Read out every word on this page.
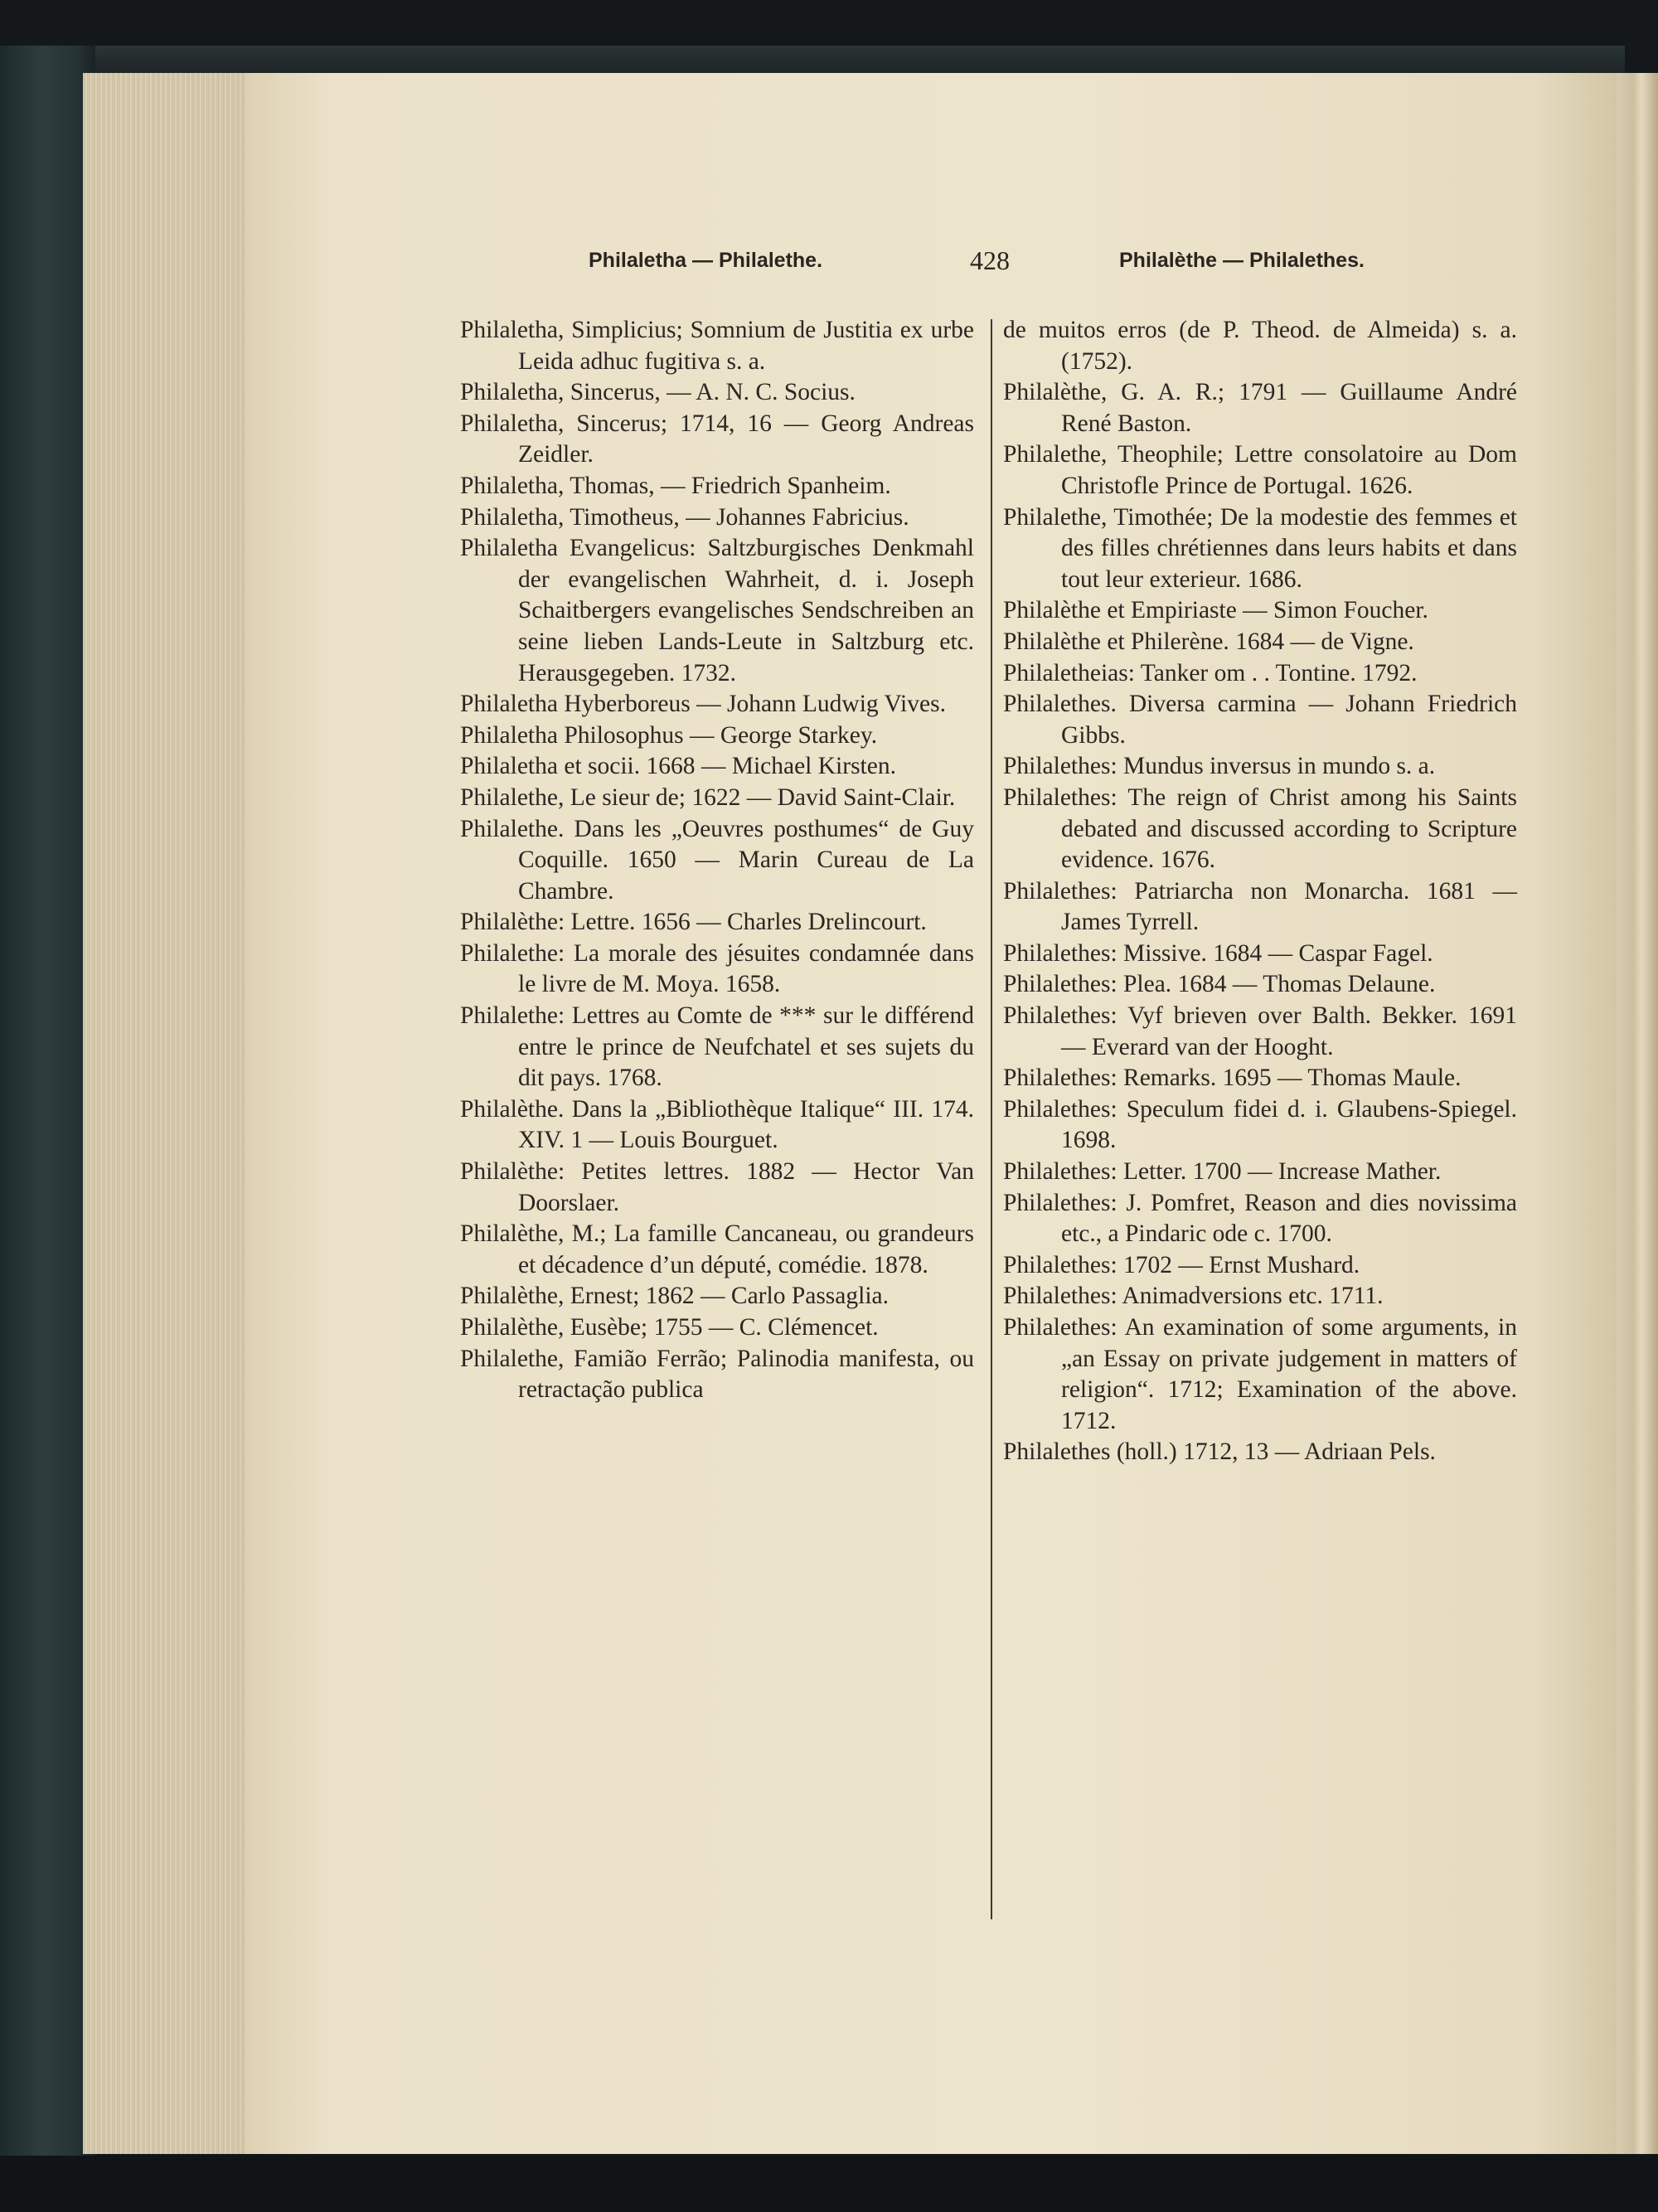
Philaletha — Philalethe.	428	Philalèthe — Philalethes.
Philaletha, Simplicius; Somnium de Justitia ex urbe Leida adhuc fugitiva s. a.
Philaletha, Sincerus, — A. N. C. Socius.
Philaletha, Sincerus; 1714, 16 — Georg Andreas Zeidler.
Philaletha, Thomas, — Friedrich Spanheim.
Philaletha, Timotheus, — Johannes Fabricius.
Philaletha Evangelicus: Saltzburgisches Denkmahl der evangelischen Wahrheit, d. i. Joseph Schaitbergers evangelisches Sendschreiben an seine lieben Lands-Leute in Saltzburg etc. Herausgegeben. 1732.
Philaletha Hyberboreus — Johann Ludwig Vives.
Philaletha Philosophus — George Starkey.
Philaletha et socii. 1668 — Michael Kirsten.
Philalethe, Le sieur de; 1622 — David Saint-Clair.
Philalethe. Dans les „Oeuvres posthumes“ de Guy Coquille. 1650 — Marin Cureau de La Chambre.
Philalèthe: Lettre. 1656 — Charles Drelincourt.
Philalethe: La morale des jésuites condamnée dans le livre de M. Moya. 1658.
Philalethe: Lettres au Comte de *** sur le différend entre le prince de Neufchatel et ses sujets du dit pays. 1768.
Philalèthe. Dans la „Bibliothèque Italique“ III. 174. XIV. 1 — Louis Bourguet.
Philalèthe: Petites lettres. 1882 — Hector Van Doorslaer.
Philalèthe, M.; La famille Cancaneau, ou grandeurs et décadence d’un député, comédie. 1878.
Philalèthe, Ernest; 1862 — Carlo Passaglia.
Philalèthe, Eusèbe; 1755 — C. Clémencet.
Philalethe, Famião Ferrão; Palinodia manifesta, ou retractação publica
de muitos erros (de P. Theod. de Almeida) s. a. (1752).
Philalèthe, G. A. R.; 1791 — Guillaume André René Baston.
Philalethe, Theophile; Lettre consolatoire au Dom Christofle Prince de Portugal. 1626.
Philalethe, Timothée; De la modestie des femmes et des filles chrétiennes dans leurs habits et dans tout leur exterieur. 1686.
Philalèthe et Empiriaste — Simon Foucher.
Philalèthe et Philerène. 1684 — de Vigne.
Philaletheias: Tanker om . . Tontine. 1792.
Philalethes. Diversa carmina — Johann Friedrich Gibbs.
Philalethes: Mundus inversus in mundo s. a.
Philalethes: The reign of Christ among his Saints debated and discussed according to Scripture evidence. 1676.
Philalethes: Patriarcha non Monarcha. 1681 — James Tyrrell.
Philalethes: Missive. 1684 — Caspar Fagel.
Philalethes: Plea. 1684 — Thomas Delaune.
Philalethes: Vyf brieven over Balth. Bekker. 1691 — Everard van der Hooght.
Philalethes: Remarks. 1695 — Thomas Maule.
Philalethes: Speculum fidei d. i. Glaubens-Spiegel. 1698.
Philalethes: Letter. 1700 — Increase Mather.
Philalethes: J. Pomfret, Reason and dies novissima etc., a Pindaric ode c. 1700.
Philalethes: 1702 — Ernst Mushard.
Philalethes: Animadversions etc. 1711.
Philalethes: An examination of some arguments, in „an Essay on private judgement in matters of religion“. 1712; Examination of the above. 1712.
Philalethes (holl.) 1712, 13 — Adriaan Pels.
